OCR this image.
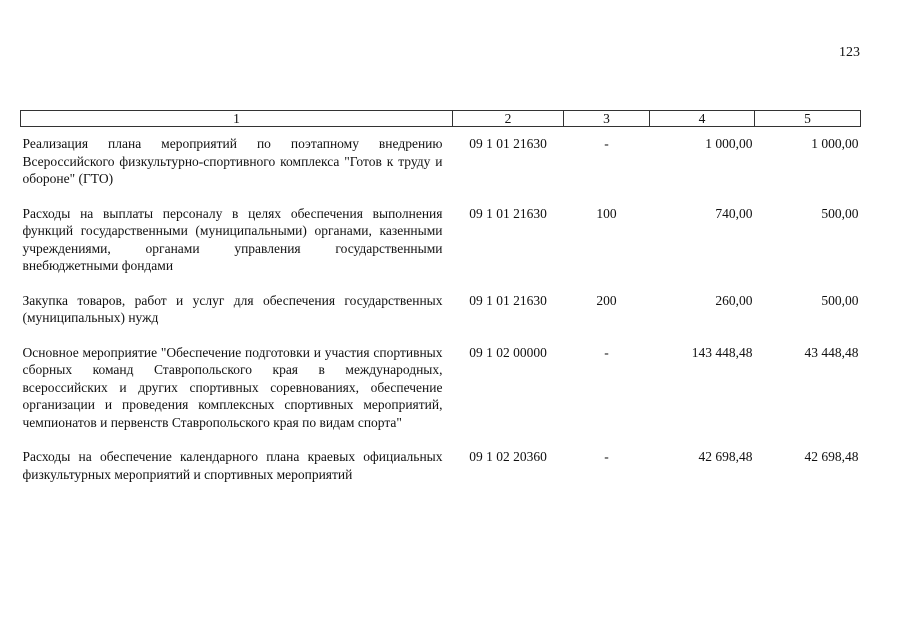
123
1	2	3	4	5

Реализация плана мероприятий по поэтапному внедрению Всероссийского физкультурно-спортивного комплекса "Готов к труду и обороне" (ГТО)	09 1 01 21630	-	1 000,00	1 000,00

Расходы на выплаты персоналу в целях обеспечения выполнения функций государственными (муниципальными) органами, казенными учреждениями, органами управления государственными внебюджетными фондами	09 1 01 21630	100	740,00	500,00

Закупка товаров, работ и услуг для обеспечения государственных (муниципальных) нужд	09 1 01 21630	200	260,00	500,00

Основное мероприятие "Обеспечение подготовки и участия спортивных сборных команд Ставропольского края в международных, всероссийских и других спортивных соревнованиях, обеспечение организации и проведения комплексных спортивных мероприятий, чемпионатов и первенств Ставропольского края по видам спорта"	09 1 02 00000	-	143 448,48	43 448,48

Расходы на обеспечение календарного плана краевых официальных физкультурных мероприятий и спортивных мероприятий	09 1 02 20360	-	42 698,48	42 698,48
